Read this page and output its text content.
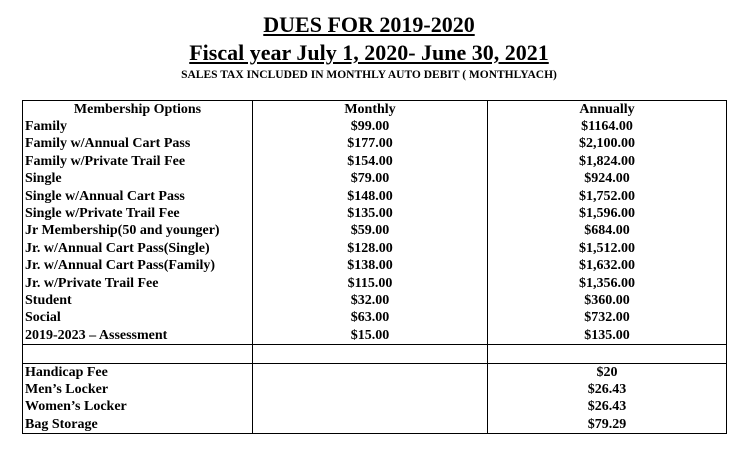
DUES FOR 2019-2020
Fiscal year July 1, 2020- June 30, 2021
SALES TAX INCLUDED IN MONTHLY AUTO DEBIT ( MONTHLYACH)
Membership Options	Monthly	Annually
Family	$99.00	$1164.00
Family w/Annual Cart Pass	$177.00	$2,100.00
Family w/Private Trail Fee	$154.00	$1,824.00
Single	$79.00	$924.00
Single w/Annual Cart Pass	$148.00	$1,752.00
Single w/Private Trail Fee	$135.00	$1,596.00
Jr Membership(50 and younger)	$59.00	$684.00
Jr. w/Annual Cart Pass(Single)	$128.00	$1,512.00
Jr. w/Annual Cart Pass(Family)	$138.00	$1,632.00
Jr. w/Private Trail Fee	$115.00	$1,356.00
Student	$32.00	$360.00
Social	$63.00	$732.00
2019-2023 – Assessment	$15.00	$135.00

Handicap Fee		$20
Men’s Locker		$26.43
Women’s Locker		$26.43
Bag Storage		$79.29
